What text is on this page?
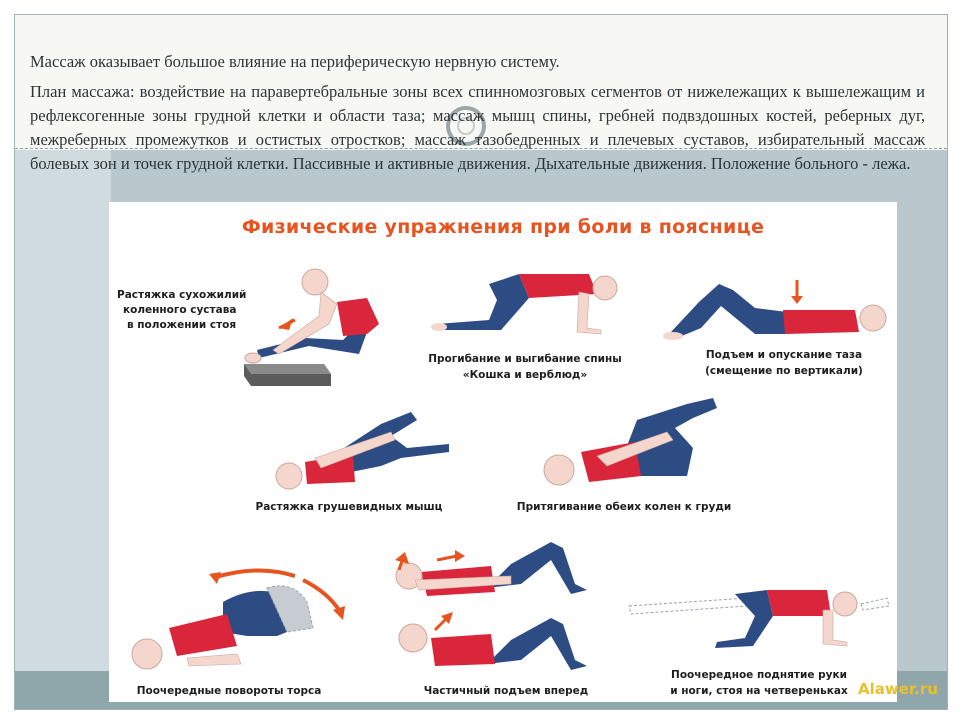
Массаж оказывает большое влияние на периферическую нервную систему.

План массажа: воздействие на паравертебральные зоны всех спинномозговых сегментов от нижележащих к вышележащим и рефлексогенные зоны грудной клетки и области таза; массаж мышц спины, гребней подвздошных костей, реберных дуг, межреберных промежутков и остистых отростков; массаж тазобедренных и плечевых суставов, избирательный массаж болевых зон и точек грудной клетки. Пассивные и активные движения. Дыхательные движения. Положение больного - лежа.

Физические упражнения при боли в пояснице
Растяжка сухожилий
коленного сустава
в положении стоя
Прогибание и выгибание спины
«Кошка и верблюд»
Подъем и опускание таза
(смещение по вертикали)
Растяжка грушевидных мышц	Притягивание обеих колен к груди
Поочередные повороты торса	Частичный подъем вперед
Поочередное поднятие руки
и ноги, стоя на четвереньках Alawer.ru
